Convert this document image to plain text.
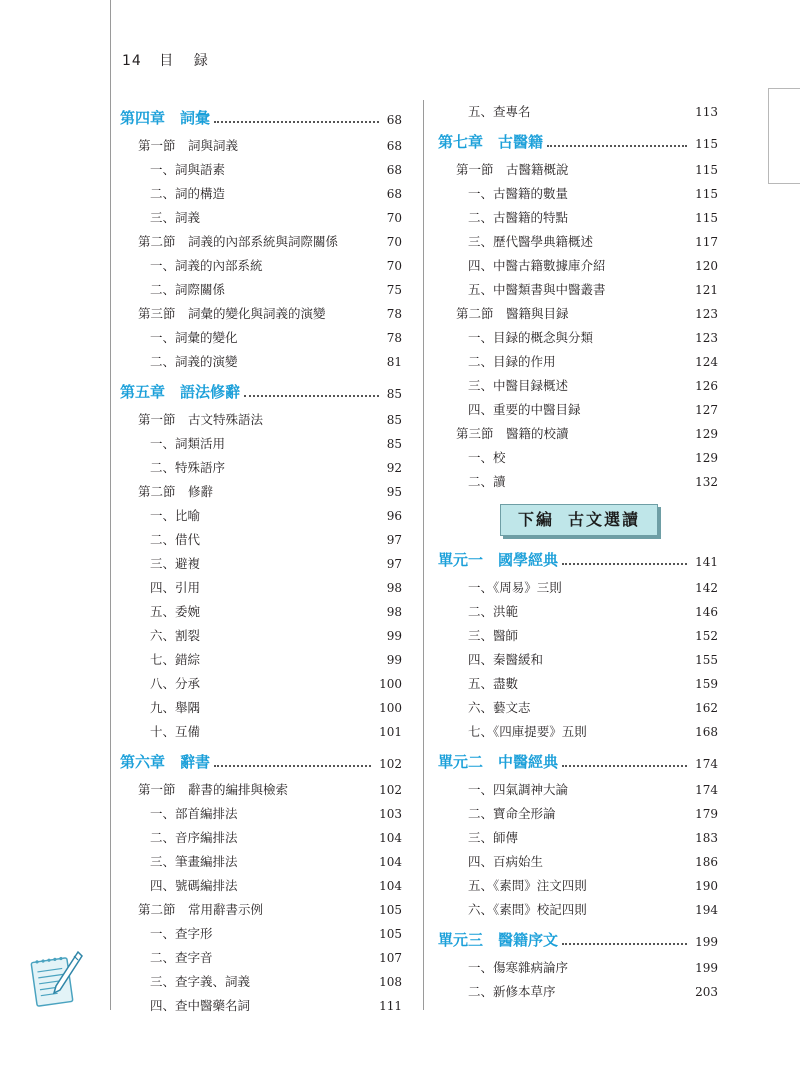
14 目 録
第四章　詞彙	68
第一節　詞與詞義	68
一、詞與語素	68
二、詞的構造	68
三、詞義	70
第二節　詞義的內部系統與詞際關係	70
一、詞義的內部系統	70
二、詞際關係	75
第三節　詞彙的變化與詞義的演變	78
一、詞彙的變化	78
二、詞義的演變	81
第五章　語法修辭	85
第一節　古文特殊語法	85
一、詞類活用	85
二、特殊語序	92
第二節　修辭	95
一、比喻	96
二、借代	97
三、避複	97
四、引用	98
五、委婉	98
六、割裂	99
七、錯綜	99
八、分承	100
九、舉隅	100
十、互備	101
第六章　辭書	102
第一節　辭書的編排與檢索	102
一、部首編排法	103
二、音序編排法	104
三、筆畫編排法	104
四、號碼編排法	104
第二節　常用辭書示例	105
一、查字形	105
二、查字音	107
三、查字義、詞義	108
四、查中醫藥名詞	111
五、查專名	113
第七章　古醫籍	115
第一節　古醫籍概說	115
一、古醫籍的數量	115
二、古醫籍的特點	115
三、歷代醫學典籍概述	117
四、中醫古籍數據庫介紹	120
五、中醫類書與中醫叢書	121
第二節　醫籍與目録	123
一、目録的概念與分類	123
二、目録的作用	124
三、中醫目録概述	126
四、重要的中醫目録	127
第三節　醫籍的校讀	129
一、校	129
二、讀	132
下編 古文選讀
單元一　國學經典	141
一、《周易》三則	142
二、洪範	146
三、醫師	152
四、秦醫緩和	155
五、盡數	159
六、藝文志	162
七、《四庫提要》五則	168
單元二　中醫經典	174
一、四氣調神大論	174
二、寶命全形論	179
三、師傳	183
四、百病始生	186
五、《素問》注文四則	190
六、《素問》校記四則	194
單元三　醫籍序文	199
一、傷寒雜病論序	199
二、新修本草序	203
